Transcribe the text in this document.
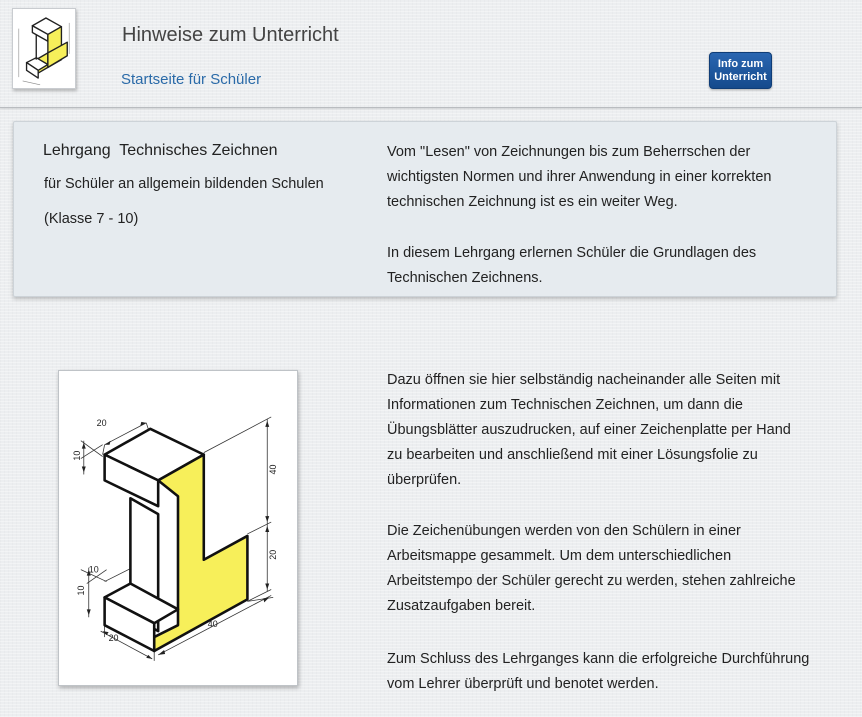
Hinweise zum Unterricht
Startseite für Schüler
Info zum Unterricht
Lehrgang  Technisches Zeichnen
für Schüler an allgemein bildenden Schulen
(Klasse 7 - 10)
Vom "Lesen" von Zeichnungen bis zum Beherrschen der
wichtigsten Normen und ihrer Anwendung in einer korrekten
technischen Zeichnung ist es ein weiter Weg.
In diesem Lehrgang erlernen Schüler die Grundlagen des
Technischen Zeichnens.
20
10
40
20
10
10
20
40
Dazu öffnen sie hier selbständig nacheinander alle Seiten mit
Informationen zum Technischen Zeichnen, um dann die
Übungsblätter auszudrucken, auf einer Zeichenplatte per Hand
zu bearbeiten und anschließend mit einer Lösungsfolie zu
überprüfen.
Die Zeichenübungen werden von den Schülern in einer
Arbeitsmappe gesammelt. Um dem unterschiedlichen
Arbeitstempo der Schüler gerecht zu werden, stehen zahlreiche
Zusatzaufgaben bereit.
Zum Schluss des Lehrganges kann die erfolgreiche Durchführung
vom Lehrer überprüft und benotet werden.
